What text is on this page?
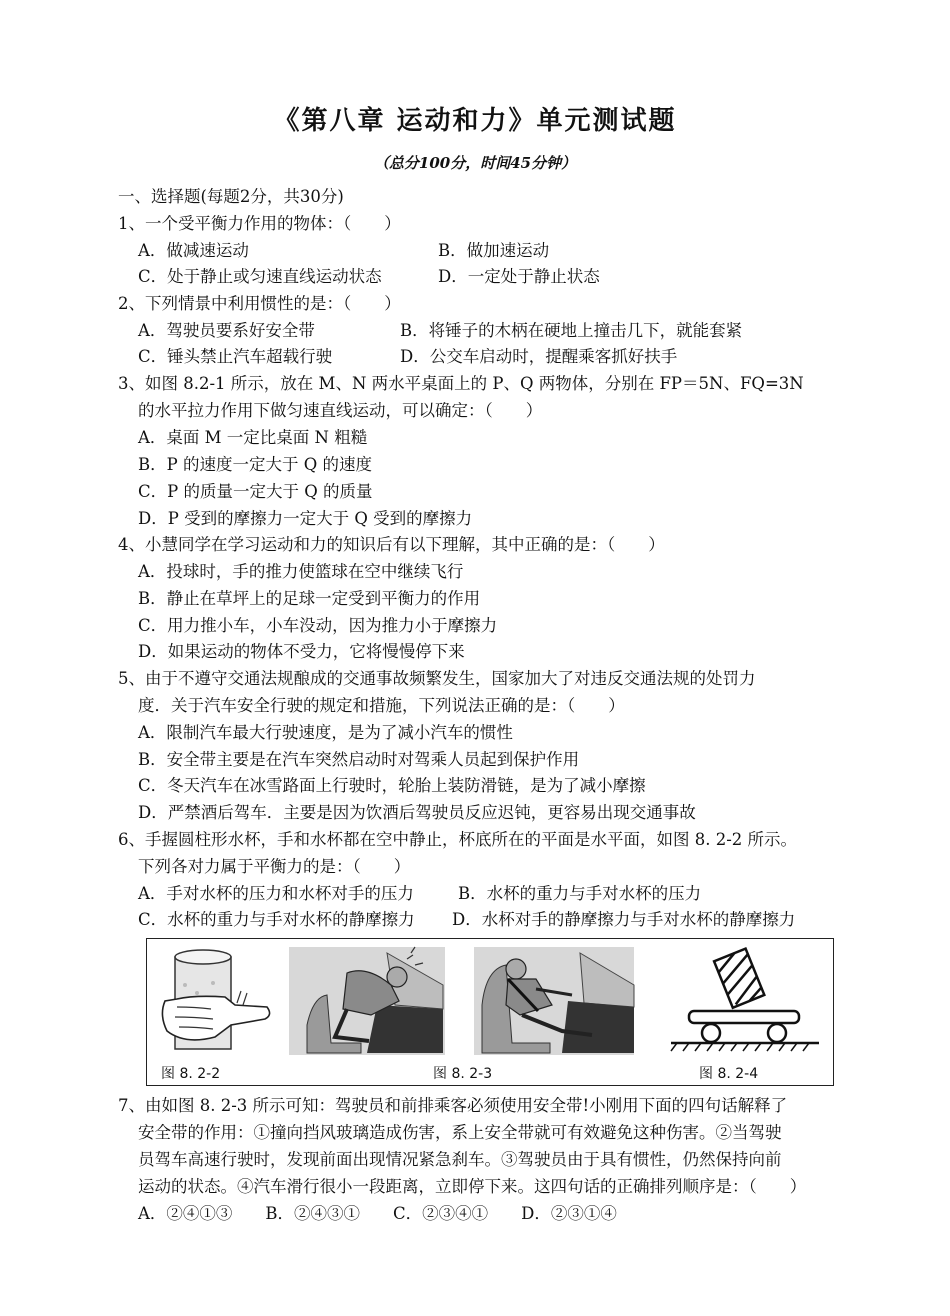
《第八章 运动和力》单元测试题
（总分100分，时间45分钟）
一、选择题(每题2分，共30分)
1、一个受平衡力作用的物体：（　　）
A．做减速运动	B．做加速运动
C．处于静止或匀速直线运动状态	D．一定处于静止状态
2、下列情景中利用惯性的是：（　　）
A．驾驶员要系好安全带	B．将锤子的木柄在硬地上撞击几下，就能套紧
C．锤头禁止汽车超载行驶	D．公交车启动时，提醒乘客抓好扶手
3、如图 8.2-1 所示，放在 M、N 两水平桌面上的 P、Q 两物体，分别在 FP＝5N、FQ=3N
的水平拉力作用下做匀速直线运动，可以确定：（　　）
A．桌面 M 一定比桌面 N 粗糙
B．P 的速度一定大于 Q 的速度
C．P 的质量一定大于 Q 的质量
D．P 受到的摩擦力一定大于 Q 受到的摩擦力
4、小慧同学在学习运动和力的知识后有以下理解，其中正确的是：（　　）
A．投球时，手的推力使篮球在空中继续飞行
B．静止在草坪上的足球一定受到平衡力的作用
C．用力推小车，小车没动，因为推力小于摩擦力
D．如果运动的物体不受力，它将慢慢停下来
5、由于不遵守交通法规酿成的交通事故频繁发生，国家加大了对违反交通法规的处罚力
度．关于汽车安全行驶的规定和措施，下列说法正确的是：（　　）
A．限制汽车最大行驶速度，是为了减小汽车的惯性
B．安全带主要是在汽车突然启动时对驾乘人员起到保护作用
C．冬天汽车在冰雪路面上行驶时，轮胎上装防滑链，是为了减小摩擦
D．严禁酒后驾车．主要是因为饮酒后驾驶员反应迟钝，更容易出现交通事故
6、手握圆柱形水杯，手和水杯都在空中静止，杯底所在的平面是水平面，如图 8. 2-2 所示。
下列各对力属于平衡力的是：（　　）
A．手对水杯的压力和水杯对手的压力	B．水杯的重力与手对水杯的压力
C．水杯的重力与手对水杯的静摩擦力 D．水杯对手的静摩擦力与手对水杯的静摩擦力
图 8. 2-2	图 8. 2-3	图 8. 2-4
7、由如图 8. 2-3 所示可知：驾驶员和前排乘客必须使用安全带!小刚用下面的四句话解释了
安全带的作用：①撞向挡风玻璃造成伤害，系上安全带就可有效避免这种伤害。②当驾驶
员驾车高速行驶时，发现前面出现情况紧急刹车。③驾驶员由于具有惯性，仍然保持向前
运动的状态。④汽车滑行很小一段距离，立即停下来。这四句话的正确排列顺序是：（　　）
A．②④①③　　B．②④③①　　C．②③④①　　D．②③①④
